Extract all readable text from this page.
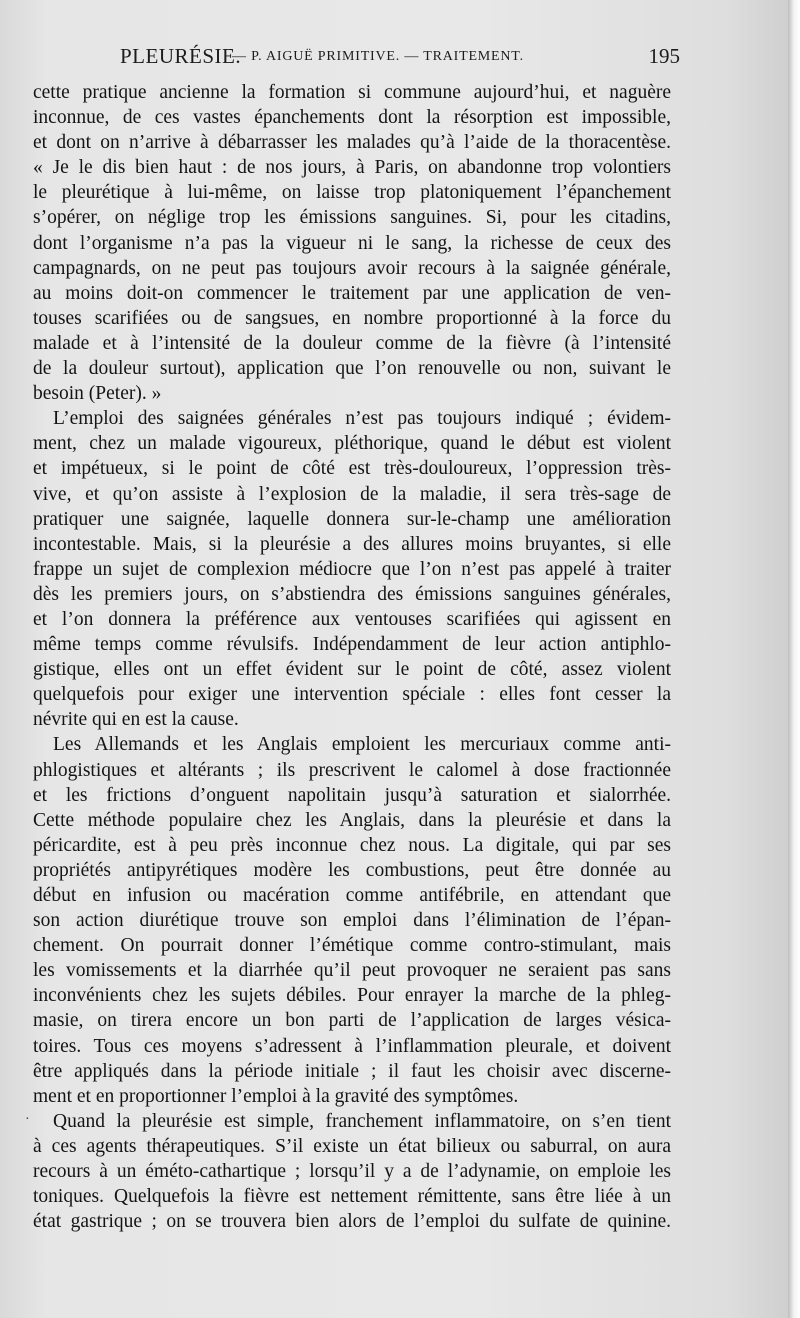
PLEURÉSIE.
— P. AIGUË PRIMITIVE. — TRAITEMENT.	195
cette pratique ancienne la formation si commune aujourd’hui, et naguère
inconnue, de ces vastes épanchements dont la résorption est impossible,
et dont on n’arrive à débarrasser les malades qu’à l’aide de la thoracentèse.
« Je le dis bien haut : de nos jours, à Paris, on abandonne trop volontiers
le pleurétique à lui-même, on laisse trop platoniquement l’épanchement
s’opérer, on néglige trop les émissions sanguines. Si, pour les citadins,
dont l’organisme n’a pas la vigueur ni le sang, la richesse de ceux des
campagnards, on ne peut pas toujours avoir recours à la saignée générale,
au moins doit-on commencer le traitement par une application de ven-
touses scarifiées ou de sangsues, en nombre proportionné à la force du
malade et à l’intensité de la douleur comme de la fièvre (à l’intensité
de la douleur surtout), application que l’on renouvelle ou non, suivant le
besoin (Peter). »
L’emploi des saignées générales n’est pas toujours indiqué ; évidem-
ment, chez un malade vigoureux, pléthorique, quand le début est violent
et impétueux, si le point de côté est très-douloureux, l’oppression très-
vive, et qu’on assiste à l’explosion de la maladie, il sera très-sage de
pratiquer une saignée, laquelle donnera sur-le-champ une amélioration
incontestable. Mais, si la pleurésie a des allures moins bruyantes, si elle
frappe un sujet de complexion médiocre que l’on n’est pas appelé à traiter
dès les premiers jours, on s’abstiendra des émissions sanguines générales,
et l’on donnera la préférence aux ventouses scarifiées qui agissent en
même temps comme révulsifs. Indépendamment de leur action antiphlo-
gistique, elles ont un effet évident sur le point de côté, assez violent
quelquefois pour exiger une intervention spéciale : elles font cesser la
névrite qui en est la cause.
Les Allemands et les Anglais emploient les mercuriaux comme anti-
phlogistiques et altérants ; ils prescrivent le calomel à dose fractionnée
et les frictions d’onguent napolitain jusqu’à saturation et sialorrhée.
Cette méthode populaire chez les Anglais, dans la pleurésie et dans la
péricardite, est à peu près inconnue chez nous. La digitale, qui par ses
propriétés antipyrétiques modère les combustions, peut être donnée au
début en infusion ou macération comme antifébrile, en attendant que
son action diurétique trouve son emploi dans l’élimination de l’épan-
chement. On pourrait donner l’émétique comme contro-stimulant, mais
les vomissements et la diarrhée qu’il peut provoquer ne seraient pas sans
inconvénients chez les sujets débiles. Pour enrayer la marche de la phleg-
masie, on tirera encore un bon parti de l’application de larges vésica-
toires. Tous ces moyens s’adressent à l’inflammation pleurale, et doivent
être appliqués dans la période initiale ; il faut les choisir avec discerne-
ment et en proportionner l’emploi à la gravité des symptômes.
Quand la pleurésie est simple, franchement inflammatoire, on s’en tient
à ces agents thérapeutiques. S’il existe un état bilieux ou saburral, on aura
recours à un éméto-cathartique ; lorsqu’il y a de l’adynamie, on emploie les
toniques. Quelquefois la fièvre est nettement rémittente, sans être liée à un
état gastrique ; on se trouvera bien alors de l’emploi du sulfate de quinine.
·
